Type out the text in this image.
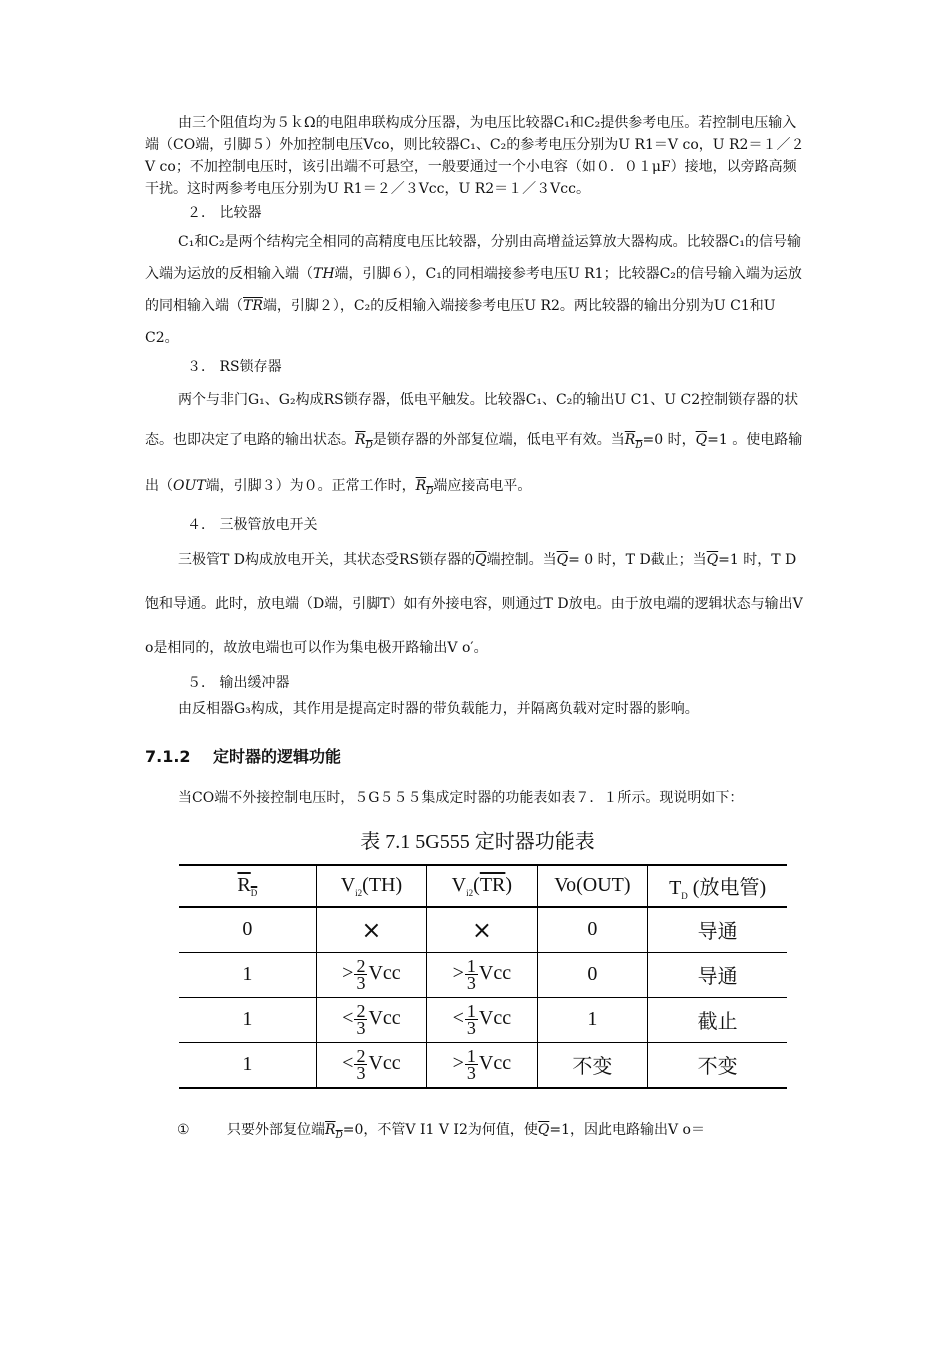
由三个阻值均为５ｋΩ的电阻串联构成分压器，为电压比较器C₁和C₂提供参考电压。若控制电压输入端（CO端，引脚５）外加控制电压Vco，则比较器C₁、C₂的参考电压分别为U R1＝V co，U R2＝１／２V co；不加控制电压时，该引出端不可悬空，一般要通过一个小电容（如０．０１μF）接地，以旁路高频干扰。这时两参考电压分别为U R1＝２／３Vcc，U R2＝１／３Vcc。

２． 比较器

C₁和C₂是两个结构完全相同的高精度电压比较器，分别由高增益运算放大器构成。比较器C₁的信号输入端为运放的反相输入端（TH端，引脚６），C₁的同相端接参考电压U R1；比较器C₂的信号输入端为运放的同相输入端（$\overline{TR}$端，引脚２），C₂的反相输入端接参考电压U R2。两比较器的输出分别为U C1和U C2。

３． RS锁存器

两个与非门G₁、G₂构成RS锁存器，低电平触发。比较器C₁、C₂的输出U C1、U C2控制锁存器的状态。也即决定了电路的输出状态。$R_D$是锁存器的外部复位端，低电平有效。当$R_D=0$ 时，$\overline{Q}=1$ 。使电路输出（OUT端，引脚３）为０。正常工作时，$R_D$端应接高电平。

４． 三极管放电开关

三极管T D构成放电开关，其状态受RS锁存器的$\overline{Q}$端控制。当$\overline{Q}= 0$ 时，T D截止；当$\overline{Q}=1$ 时，T D饱和导通。此时，放电端（D端，引脚T）如有外接电容，则通过T D放电。由于放电端的逻辑状态与输出V o是相同的，故放电端也可以作为集电极开路输出V o′。

５． 输出缓冲器

由反相器G₃构成，其作用是提高定时器的带负载能力，并隔离负载对定时器的影响。

7.1.2 定时器的逻辑功能

当CO端不外接控制电压时，５G５５５集成定时器的功能表如表７．１所示。现说明如下：

表 7.1 5G555 定时器功能表
$R_D$	$V_{i2}(TH)$	$V_{i2}(\overline{TR})$	Vo(OUT)	$T_D$ (放电管)
0	×	×	0	导通
1	> $\frac{2}{3}$ Vcc	> $\frac{1}{3}$ Vcc	0	导通
1	< $\frac{2}{3}$ Vcc	< $\frac{1}{3}$ Vcc	1	截止
1	< $\frac{2}{3}$ Vcc	> $\frac{1}{3}$ Vcc	不变	不变

①	只要外部复位端$R_D=0$，不管V I1 V I2为何值，使$\overline{Q}=1$，因此电路输出V o＝
